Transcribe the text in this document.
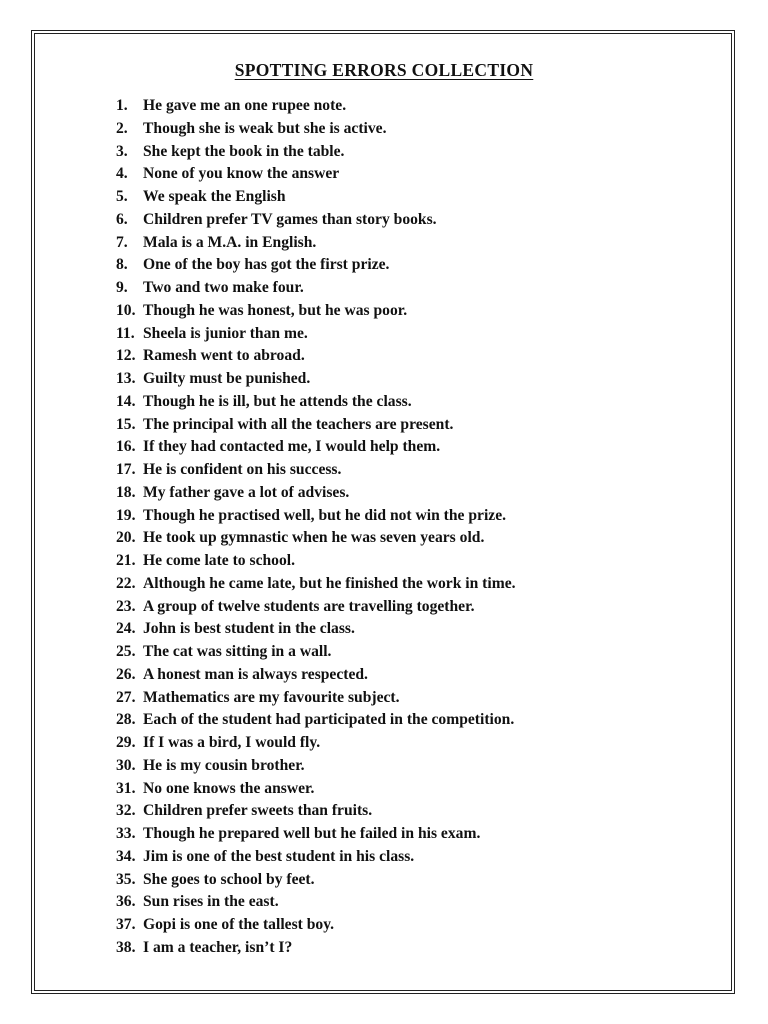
SPOTTING ERRORS COLLECTION
1. He gave me an one rupee note.
2. Though she is weak but she is active.
3. She kept the book in the table.
4. None of you know the answer
5. We speak the English
6. Children prefer TV games than story books.
7. Mala is a M.A. in English.
8. One of the boy has got the first prize.
9. Two and two make four.
10. Though he was honest, but he was poor.
11. Sheela is junior than me.
12. Ramesh went to abroad.
13. Guilty must be punished.
14. Though he is ill, but he attends the class.
15. The principal with all the teachers are present.
16. If they had contacted me, I would help them.
17. He is confident on his success.
18. My father gave a lot of advises.
19. Though he practised well, but he did not win the prize.
20. He took up gymnastic when he was seven years old.
21. He come late to school.
22. Although he came late, but he finished the work in time.
23. A group of twelve students are travelling together.
24. John is best student in the class.
25. The cat was sitting in a wall.
26. A honest man is always respected.
27. Mathematics are my favourite subject.
28. Each of the student had participated in the competition.
29. If I was a bird, I would fly.
30. He is my cousin brother.
31. No one knows the answer.
32. Children prefer sweets than fruits.
33. Though he prepared well but he failed in his exam.
34. Jim is one of the best student in his class.
35. She goes to school by feet.
36. Sun rises in the east.
37. Gopi is one of the tallest boy.
38. I am a teacher, isn’t I?
